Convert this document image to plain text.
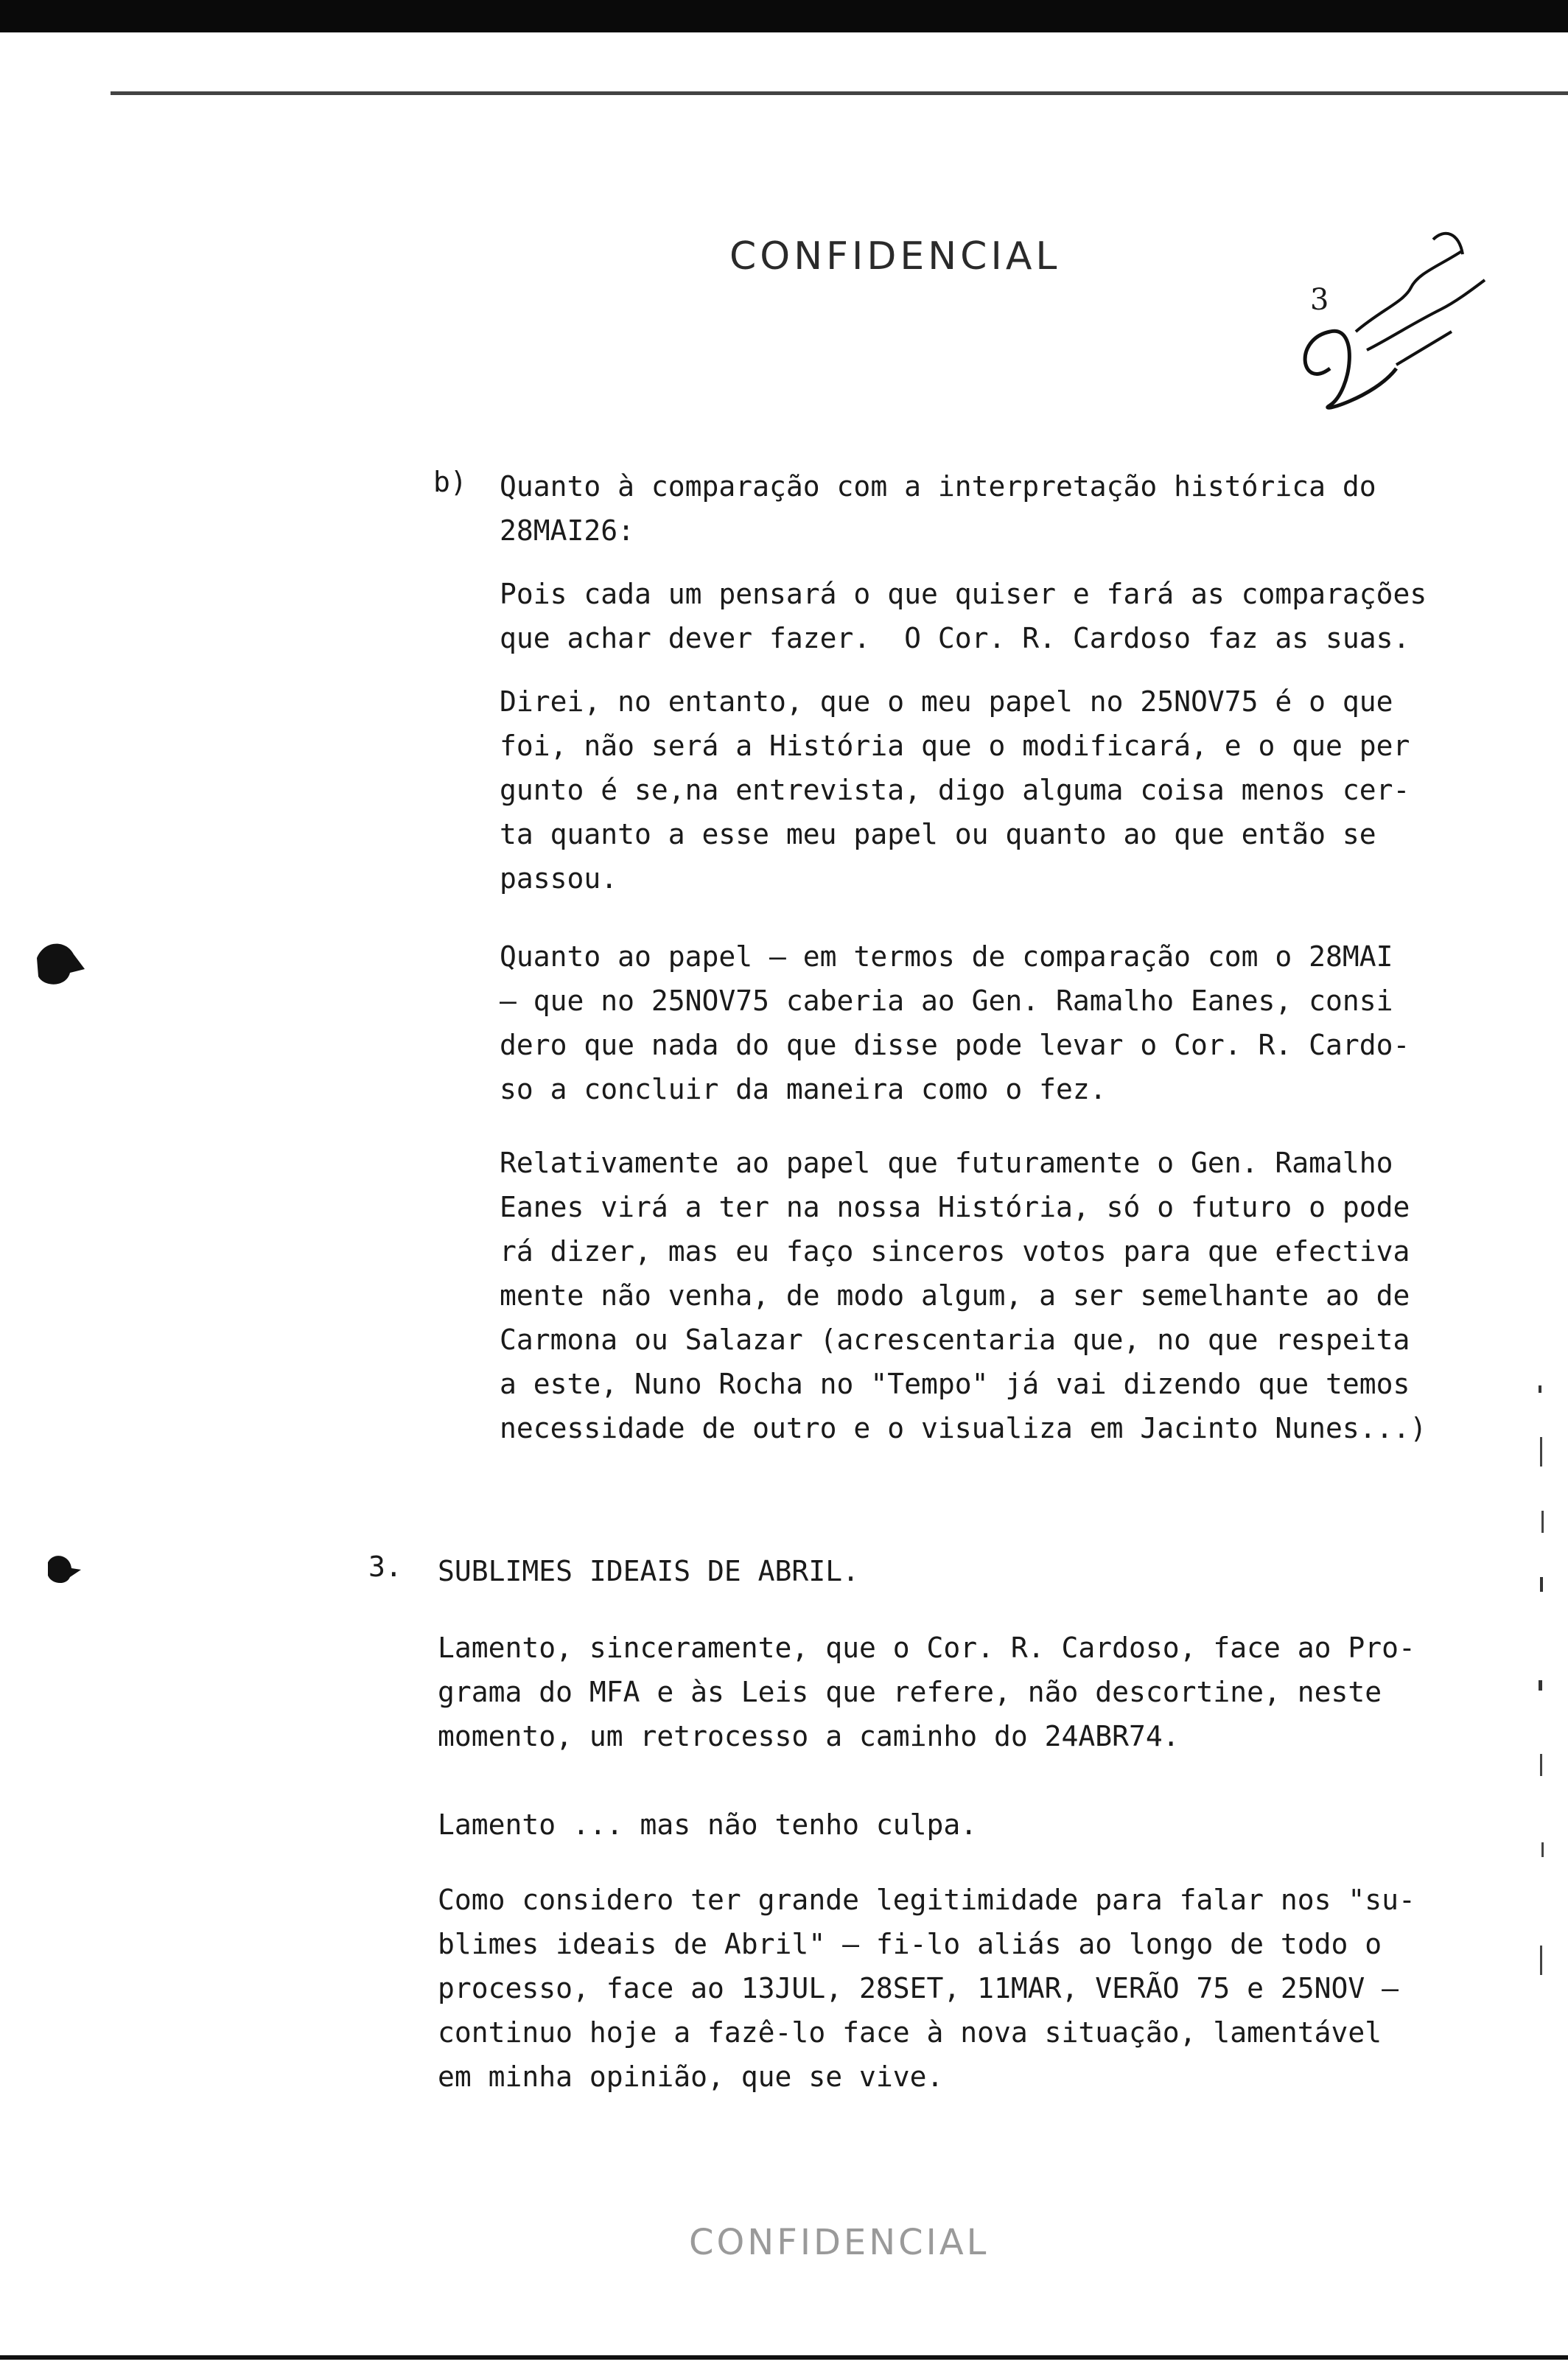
CONFIDENCIAL
3
b) Quanto à comparação com a interpretação histórica do
28MAI26:

Pois cada um pensará o que quiser e fará as comparações
que achar dever fazer.  O Cor. R. Cardoso faz as suas.

Direi, no entanto, que o meu papel no 25NOV75 é o que
foi, não será a História que o modificará, e o que per
gunto é se,na entrevista, digo alguma coisa menos cer-
ta quanto a esse meu papel ou quanto ao que então se
passou.

Quanto ao papel — em termos de comparação com o 28MAI
— que no 25NOV75 caberia ao Gen. Ramalho Eanes, consi
dero que nada do que disse pode levar o Cor. R. Cardo-
so a concluir da maneira como o fez.

Relativamente ao papel que futuramente o Gen. Ramalho
Eanes virá a ter na nossa História, só o futuro o pode
rá dizer, mas eu faço sinceros votos para que efectiva
mente não venha, de modo algum, a ser semelhante ao de
Carmona ou Salazar (acrescentaria que, no que respeita
a este, Nuno Rocha no "Tempo" já vai dizendo que temos
necessidade de outro e o visualiza em Jacinto Nunes...)

3. SUBLIMES IDEAIS DE ABRIL.

Lamento, sinceramente, que o Cor. R. Cardoso, face ao Pro-
grama do MFA e às Leis que refere, não descortine, neste
momento, um retrocesso a caminho do 24ABR74.

Lamento ... mas não tenho culpa.

Como considero ter grande legitimidade para falar nos "su-
blimes ideais de Abril" — fi-lo aliás ao longo de todo o
processo, face ao 13JUL, 28SET, 11MAR, VERÃO 75 e 25NOV —
continuo hoje a fazê-lo face à nova situação, lamentável
em minha opinião, que se vive.

CONFIDENCIAL
